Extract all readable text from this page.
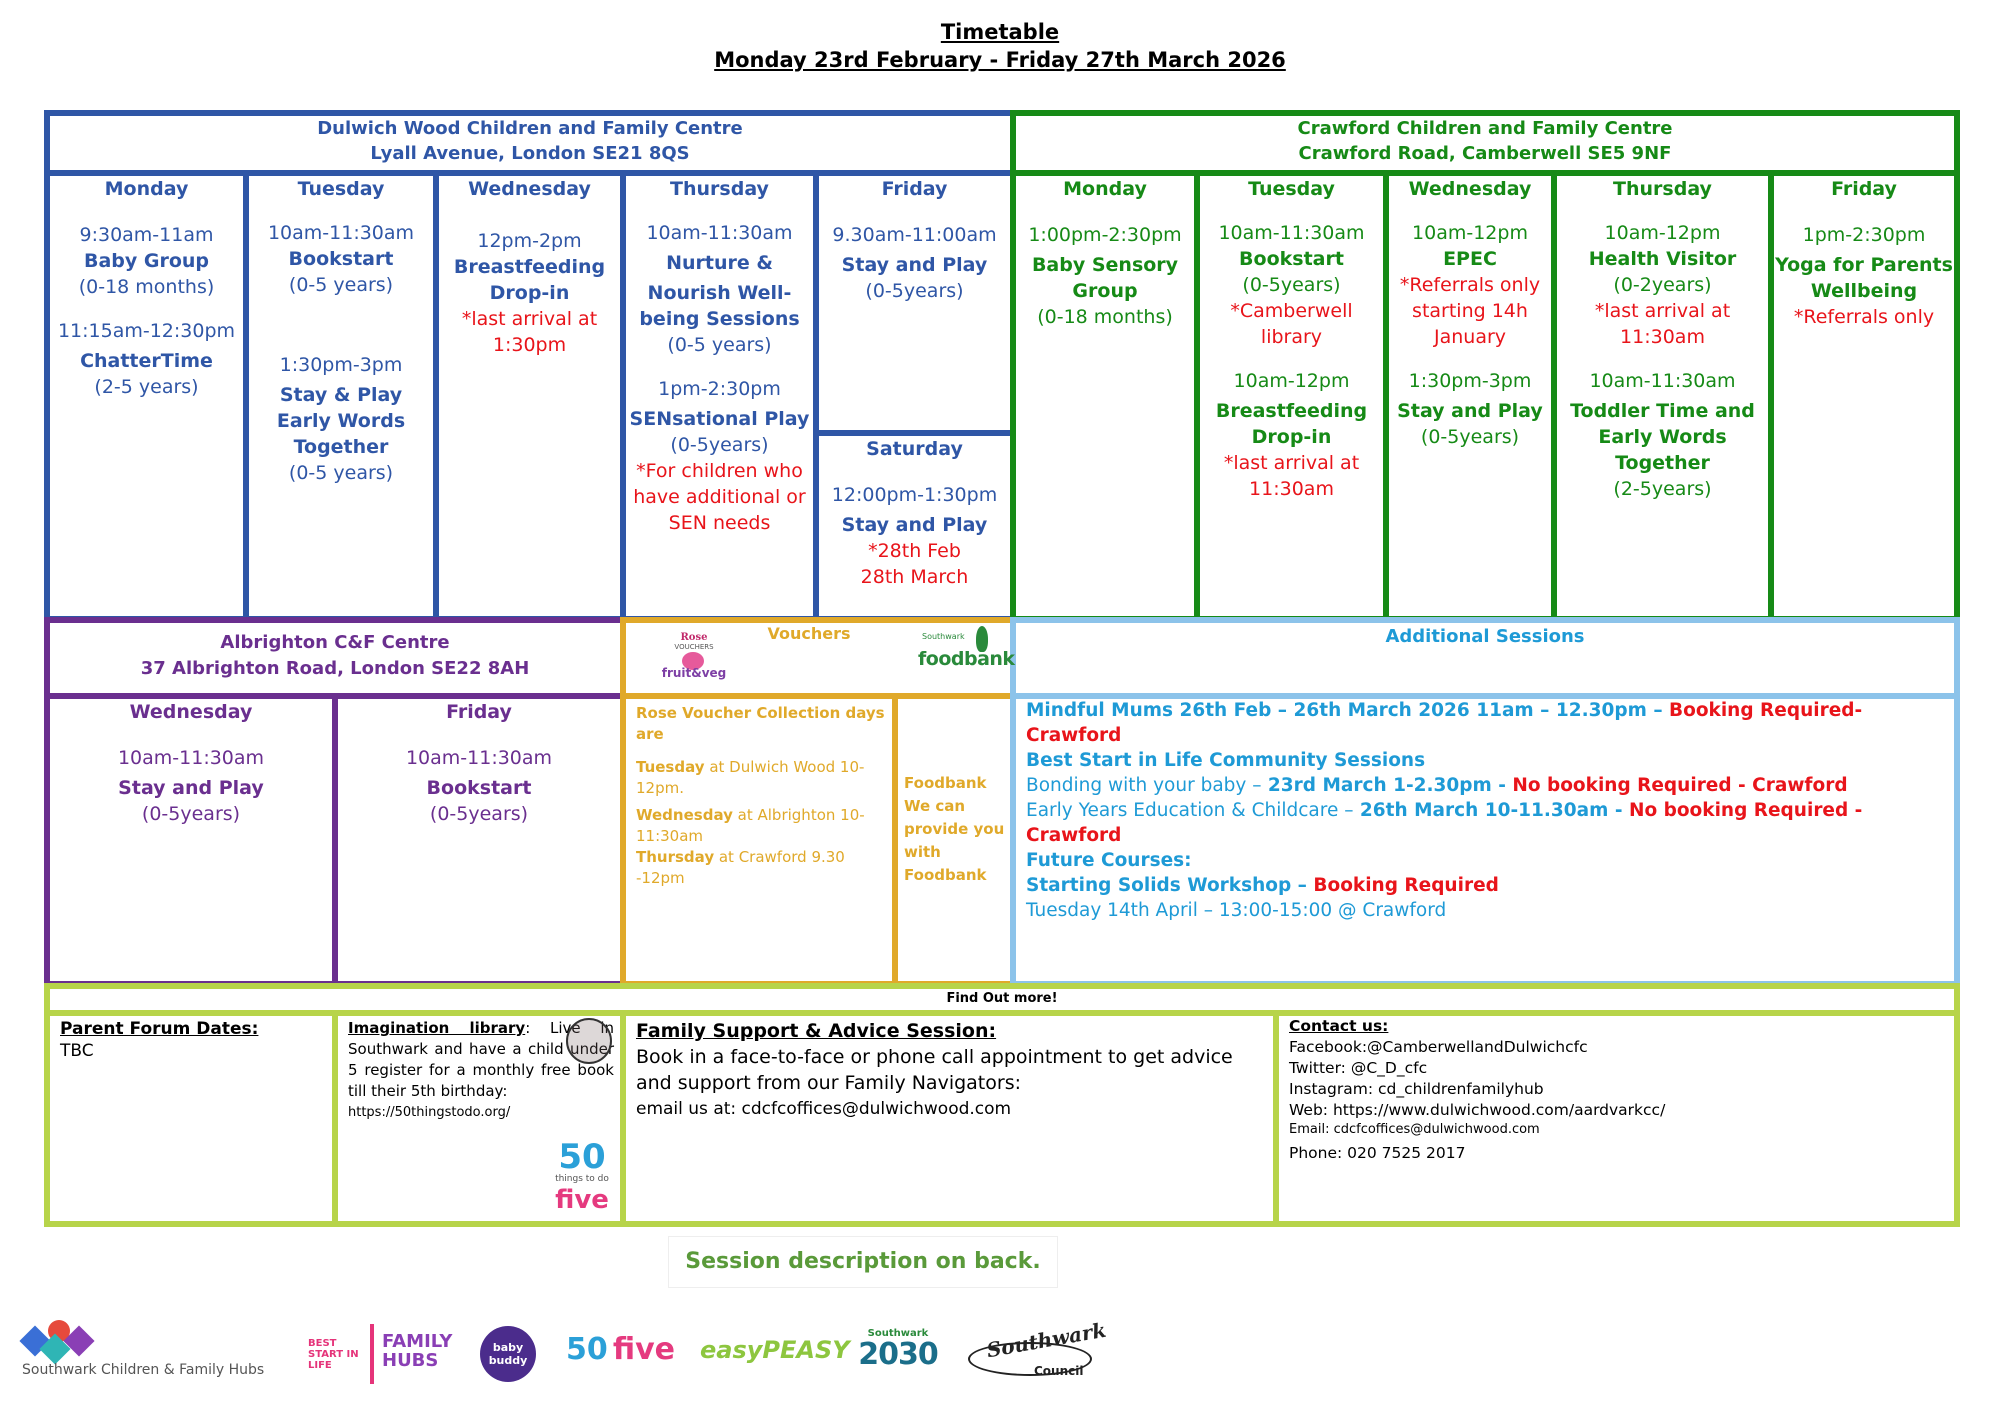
Timetable
Monday 23rd February - Friday 27th March 2026
Dulwich Wood Children and Family Centre
Lyall Avenue, London SE21 8QS

Monday

9:30am-11am

Baby Group

(0-18 months)

11:15am-12:30pm

ChatterTime

(2-5 years)

Tuesday

10am-11:30am

Bookstart

(0-5 years)

1:30pm-3pm

Stay & Play

Early Words

Together

(0-5 years)

Wednesday

12pm-2pm

Breastfeeding

Drop-in

*last arrival at

1:30pm

Thursday

10am-11:30am

Nurture &

Nourish Well-

being Sessions

(0-5 years)

1pm-2:30pm

SENsational Play

(0-5years)

*For children who

have additional or

SEN needs

Friday

9.30am-11:00am

Stay and Play

(0-5years)

Saturday

12:00pm-1:30pm

Stay and Play

*28th Feb

28th March

Crawford Children and Family Centre
Crawford Road, Camberwell SE5 9NF

Monday

1:00pm-2:30pm

Baby Sensory

Group

(0-18 months)

Tuesday

10am-11:30am

Bookstart

(0-5years)

*Camberwell

library

10am-12pm

Breastfeeding

Drop-in

*last arrival at

11:30am

Wednesday

10am-12pm

EPEC

*Referrals only

starting 14h

January

1:30pm-3pm

Stay and Play

(0-5years)

Thursday

10am-12pm

Health Visitor

(0-2years)

*last arrival at

11:30am

10am-11:30am

Toddler Time and

Early Words

Together

(2-5years)

Friday

1pm-2:30pm

Yoga for Parents

Wellbeing

*Referrals only

Albrighton C&F Centre
37 Albrighton Road, London SE22 8AH

Wednesday

10am-11:30am

Stay and Play

(0-5years)

Friday

10am-11:30am

Bookstart

(0-5years)

Vouchers
Rose
VOUCHERS
fruit&veg
Southwark
foodbank
Rose Voucher Collection days are
Tuesday at Dulwich Wood 10-12pm.
Wednesday at Albrighton 10-11:30am
Thursday at Crawford 9.30 -12pm
Foodbank We can provide you with Foodbank
Additional Sessions
Mindful Mums 26th Feb – 26th March 2026 11am – 12.30pm – Booking Required-Crawford
Best Start in Life Community Sessions
Bonding with your baby – 23rd March 1-2.30pm - No booking Required - Crawford
Early Years Education & Childcare – 26th March 10-11.30am - No booking Required - Crawford
Future Courses:
Starting Solids Workshop – Booking Required
Tuesday 14th April – 13:00-15:00 @ Crawford
Find Out more!
Parent Forum Dates:
TBC
Imagination library: Live in Southwark and have a child under 5 register for a monthly free book till their 5th birthday:
https://50thingstodo.org/
50
things to do
five
Family Support & Advice Session:
Book in a face-to-face or phone call appointment to get advice and support from our Family Navigators:
email us at: cdcfcoffices@dulwichwood.com
Contact us:
Facebook:@CamberwellandDulwichcfc
Twitter: @C_D_cfc
Instagram: cd_childrenfamilyhub
Web: https://www.dulwichwood.com/aardvarkcc/
Email: cdcfcoffices@dulwichwood.com
Phone: 020 7525 2017
Session description on back.
Southwark Children & Family Hubs
BEST START IN LIFE
FAMILY HUBS
baby buddy 50 five easyPEASY
Southwark
2030	Southwark
Council
